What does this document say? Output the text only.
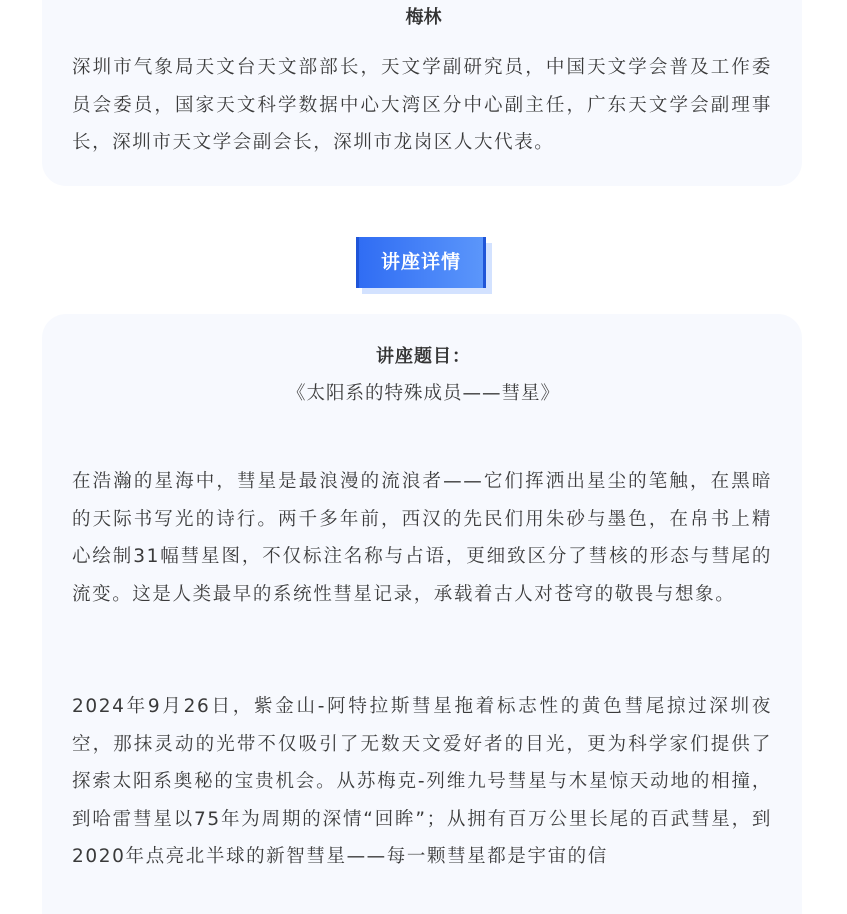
梅林

深圳市气象局天文台天文部部长，天文学副研究员，中国天文学会普及工作委员会委员，国家天文科学数据中心大湾区分中心副主任，广东天文学会副理事长，深圳市天文学会副会长，深圳市龙岗区人大代表。

讲座详情
讲座题目：
《太阳系的特殊成员——彗星》

在浩瀚的星海中，彗星是最浪漫的流浪者——它们挥洒出星尘的笔触，在黑暗的天际书写光的诗行。两千多年前，西汉的先民们用朱砂与墨色，在帛书上精心绘制31幅彗星图，不仅标注名称与占语，更细致区分了彗核的形态与彗尾的流变。这是人类最早的系统性彗星记录，承载着古人对苍穹的敬畏与想象。

2024年9月26日，紫金山-阿特拉斯彗星拖着标志性的黄色彗尾掠过深圳夜空，那抹灵动的光带不仅吸引了无数天文爱好者的目光，更为科学家们提供了探索太阳系奥秘的宝贵机会。从苏梅克-列维九号彗星与木星惊天动地的相撞，到哈雷彗星以75年为周期的深情“回眸”；从拥有百万公里长尾的百武彗星，到2020年点亮北半球的新智彗星——每一颗彗星都是宇宙的信
